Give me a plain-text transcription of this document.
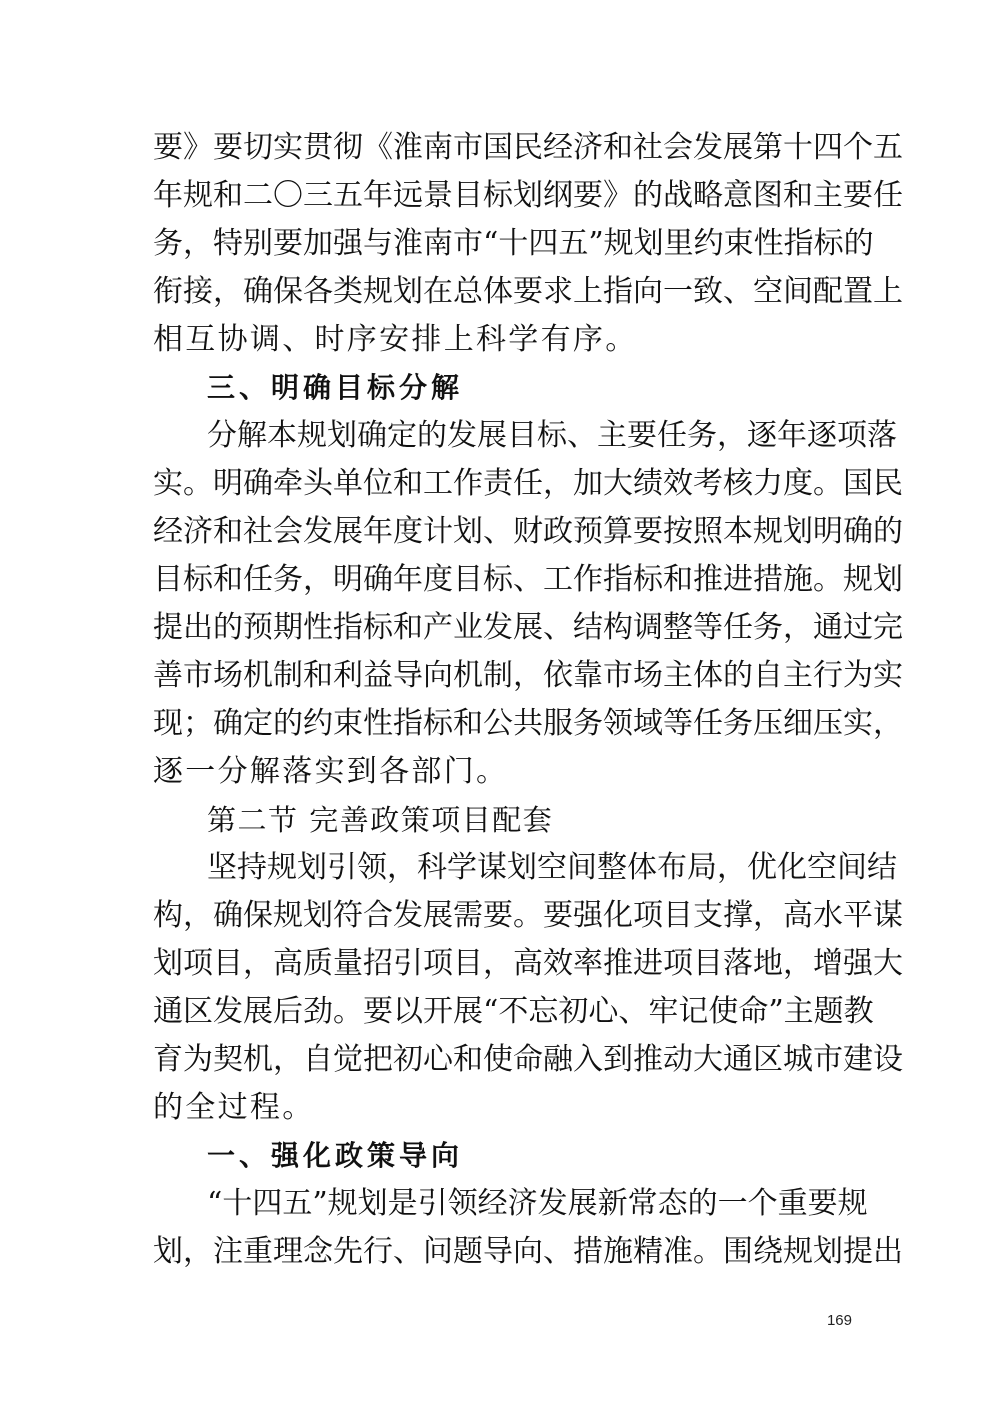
要》要切实贯彻《淮南市国民经济和社会发展第十四个五

年规和二〇三五年远景目标划纲要》的战略意图和主要任

务，特别要加强与淮南市“十四五”规划里约束性指标的

衔接，确保各类规划在总体要求上指向一致、空间配置上

相互协调、时序安排上科学有序。

三、明确目标分解

分解本规划确定的发展目标、主要任务，逐年逐项落

实。明确牵头单位和工作责任，加大绩效考核力度。国民

经济和社会发展年度计划、财政预算要按照本规划明确的

目标和任务，明确年度目标、工作指标和推进措施。规划

提出的预期性指标和产业发展、结构调整等任务，通过完

善市场机制和利益导向机制，依靠市场主体的自主行为实

现；确定的约束性指标和公共服务领域等任务压细压实，

逐一分解落实到各部门。

第二节 完善政策项目配套

坚持规划引领，科学谋划空间整体布局，优化空间结

构，确保规划符合发展需要。要强化项目支撑，高水平谋

划项目，高质量招引项目，高效率推进项目落地，增强大

通区发展后劲。要以开展“不忘初心、牢记使命”主题教

育为契机，自觉把初心和使命融入到推动大通区城市建设

的全过程。

一、强化政策导向

“十四五”规划是引领经济发展新常态的一个重要规

划，注重理念先行、问题导向、措施精准。围绕规划提出

169
